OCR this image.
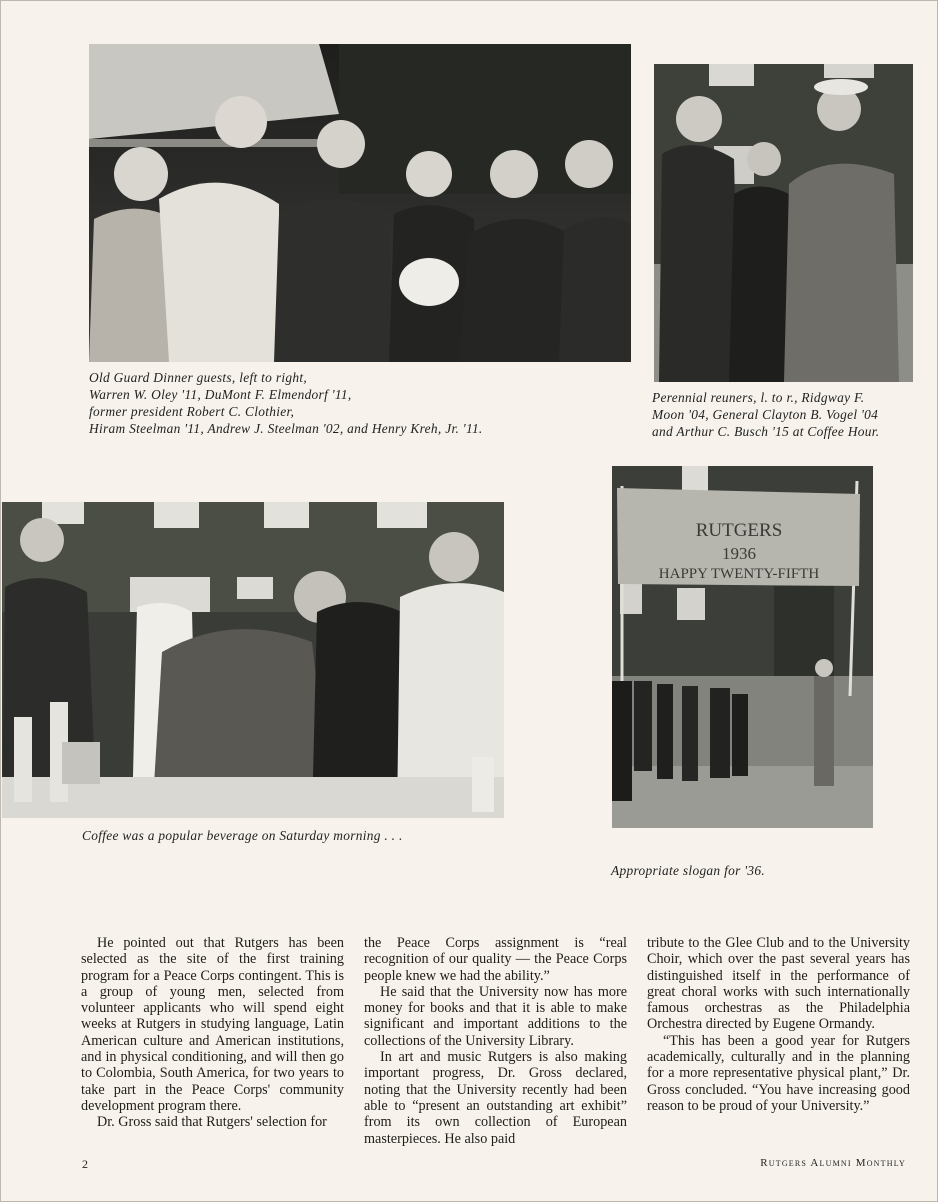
Old Guard Dinner guests, left to right,
Warren W. Oley '11, DuMont F. Elmendorf '11,
former president Robert C. Clothier,
Hiram Steelman '11, Andrew J. Steelman '02, and Henry Kreh, Jr. '11.
Perennial reuners, l. to r., Ridgway F.
Moon '04, General Clayton B. Vogel '04
and Arthur C. Busch '15 at Coffee Hour.
Coffee was a popular beverage on Saturday morning . . .
RUTGERS
1936
HAPPY TWENTY-FIFTH
Appropriate slogan for '36.

He pointed out that Rutgers has been selected as the site of the first training program for a Peace Corps contingent. This is a group of young men, selected from volunteer applicants who will spend eight weeks at Rutgers in studying language, Latin American culture and American institutions, and in physical conditioning, and will then go to Colombia, South America, for two years to take part in the Peace Corps' community development program there.

Dr. Gross said that Rutgers' selection for

the Peace Corps assignment is “real recognition of our quality — the Peace Corps people knew we had the ability.”

He said that the University now has more money for books and that it is able to make significant and important additions to the collections of the University Library.

In art and music Rutgers is also making important progress, Dr. Gross declared, noting that the University recently had been able to “present an outstanding art exhibit” from its own collection of European masterpieces. He also paid

tribute to the Glee Club and to the University Choir, which over the past several years has distinguished itself in the performance of great choral works with such internationally famous orchestras as the Philadelphia Orchestra directed by Eugene Ormandy.

“This has been a good year for Rutgers academically, culturally and in the planning for a more representative physical plant,” Dr. Gross concluded. “You have increasing good reason to be proud of your University.”

2	Rutgers Alumni Monthly
